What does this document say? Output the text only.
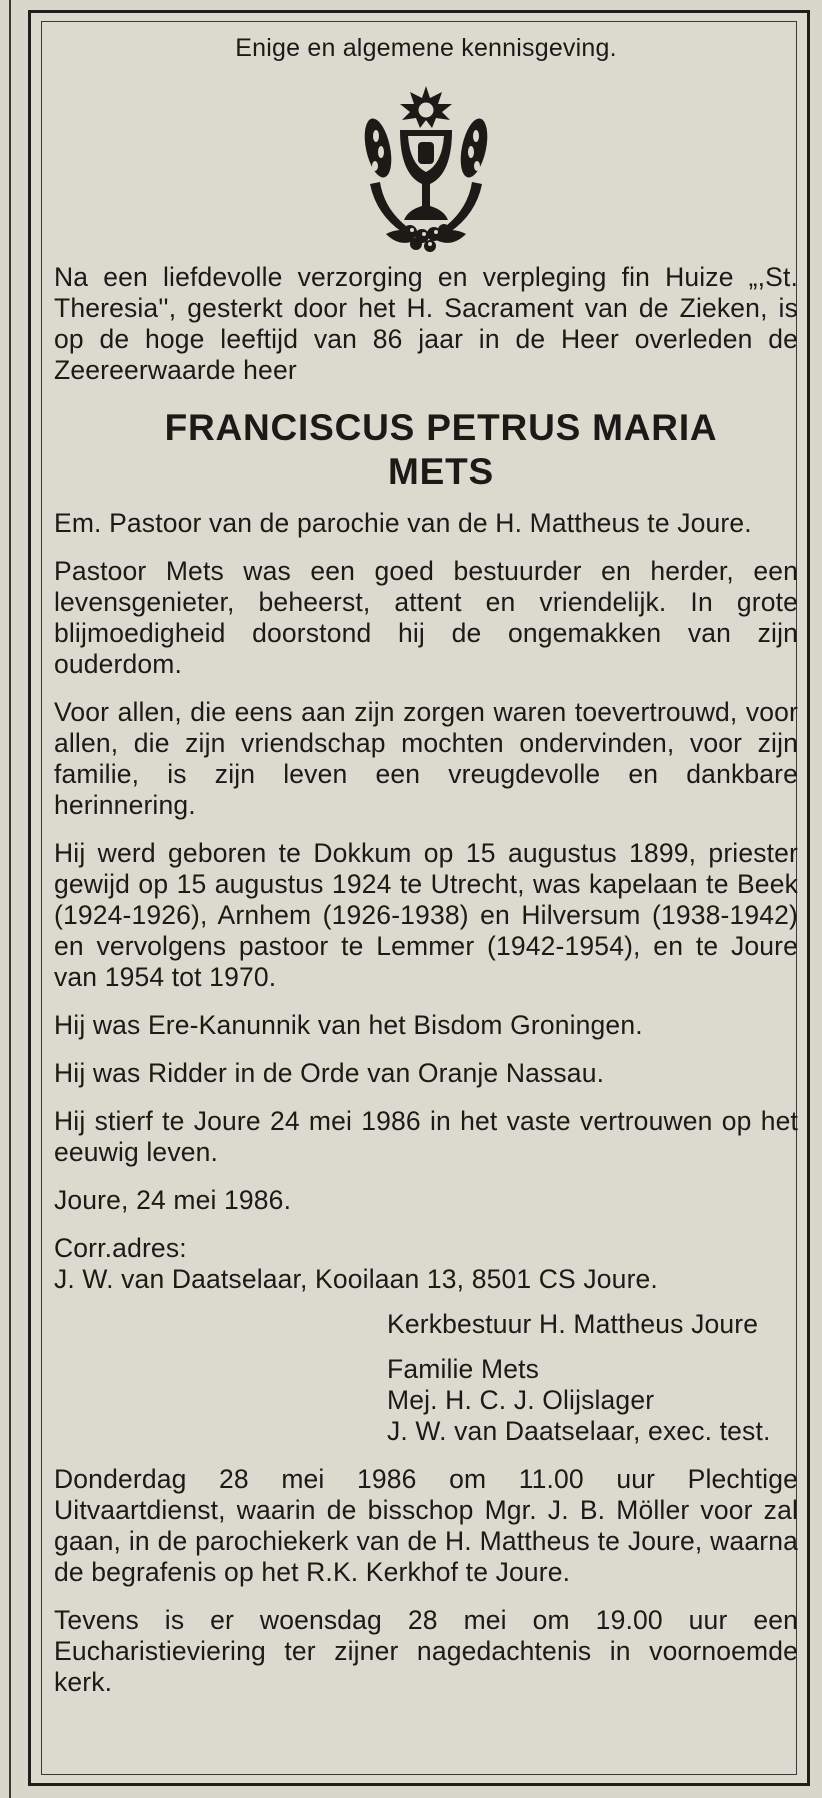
Enige en algemene kennisgeving.

Na een liefdevolle verzorging en verpleging fin Huize „,St. Theresia'', gesterkt door het H. Sacrament van de Zieken, is op de hoge leeftijd van 86 jaar in de Heer overleden de Zeereerwaarde heer

FRANCISCUS PETRUS MARIA
METS

Em. Pastoor van de parochie van de H. Mattheus te Joure.

Pastoor Mets was een goed bestuurder en herder, een levensgenieter, beheerst, attent en vriendelijk. In grote blijmoedigheid doorstond hij de ongemakken van zijn ouderdom.

Voor allen, die eens aan zijn zorgen waren toevertrouwd, voor allen, die zijn vriendschap mochten ondervinden, voor zijn familie, is zijn leven een vreugdevolle en dankbare herinnering.

Hij werd geboren te Dokkum op 15 augustus 1899, priester gewijd op 15 augustus 1924 te Utrecht, was kapelaan te Beek (1924-1926), Arnhem (1926-1938) en Hilversum (1938-1942) en vervolgens pastoor te Lemmer (1942-1954), en te Joure van 1954 tot 1970.

Hij was Ere-Kanunnik van het Bisdom Groningen.

Hij was Ridder in de Orde van Oranje Nassau.

Hij stierf te Joure 24 mei 1986 in het vaste vertrouwen op het eeuwig leven.

Joure, 24 mei 1986.

Corr.adres:

J. W. van Daatselaar, Kooilaan 13, 8501 CS Joure.

Kerkbestuur H. Mattheus Joure

Familie Mets

Mej. H. C. J. Olijslager

J. W. van Daatselaar, exec. test.

Donderdag 28 mei 1986 om 11.00 uur Plechtige Uitvaartdienst, waarin de bisschop Mgr. J. B. Möller voor zal gaan, in de parochiekerk van de H. Mattheus te Joure, waarna de begrafenis op het R.K. Kerkhof te Joure.

Tevens is er woensdag 28 mei om 19.00 uur een Eucharistieviering ter zijner nagedachtenis in voornoemde kerk.
